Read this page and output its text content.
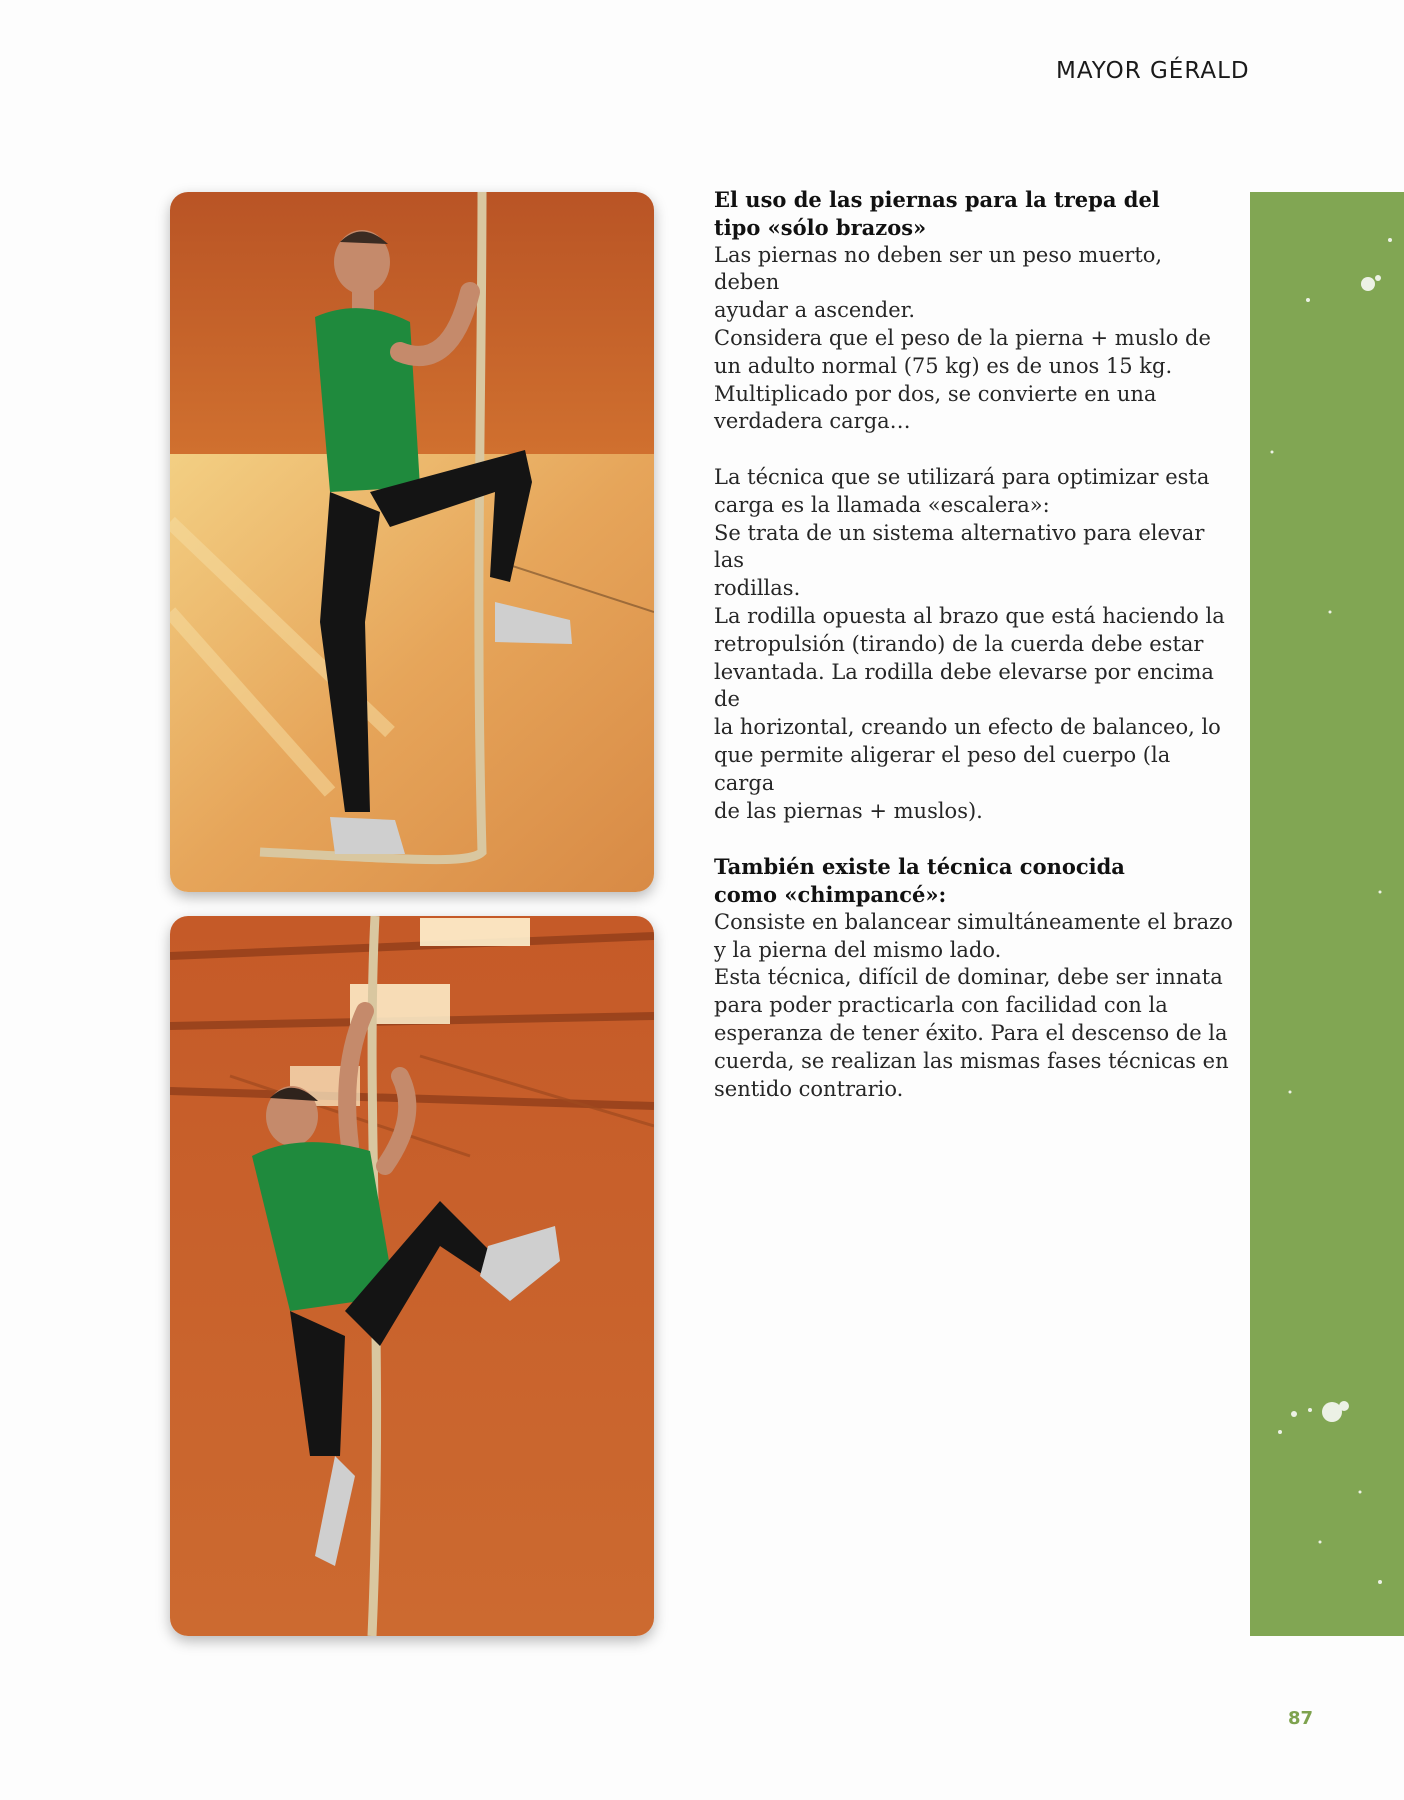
MAYOR GÉRALD
El uso de las piernas para la trepa del
tipo «sólo brazos»

Las piernas no deben ser un peso muerto, deben
ayudar a ascender.
Considera que el peso de la pierna + muslo de
un adulto normal (75 kg) es de unos 15 kg.
Multiplicado por dos, se convierte en una
verdadera carga…

La técnica que se utilizará para optimizar esta
carga es la llamada «escalera»:
Se trata de un sistema alternativo para elevar las
rodillas.
La rodilla opuesta al brazo que está haciendo la
retropulsión (tirando) de la cuerda debe estar
levantada. La rodilla debe elevarse por encima de
la horizontal, creando un efecto de balanceo, lo
que permite aligerar el peso del cuerpo (la carga
de las piernas + muslos).

También existe la técnica conocida
como «chimpancé»:

Consiste en balancear simultáneamente el brazo
y la pierna del mismo lado.
Esta técnica, difícil de dominar, debe ser innata
para poder practicarla con facilidad con la
esperanza de tener éxito. Para el descenso de la
cuerda, se realizan las mismas fases técnicas en
sentido contrario.

87
